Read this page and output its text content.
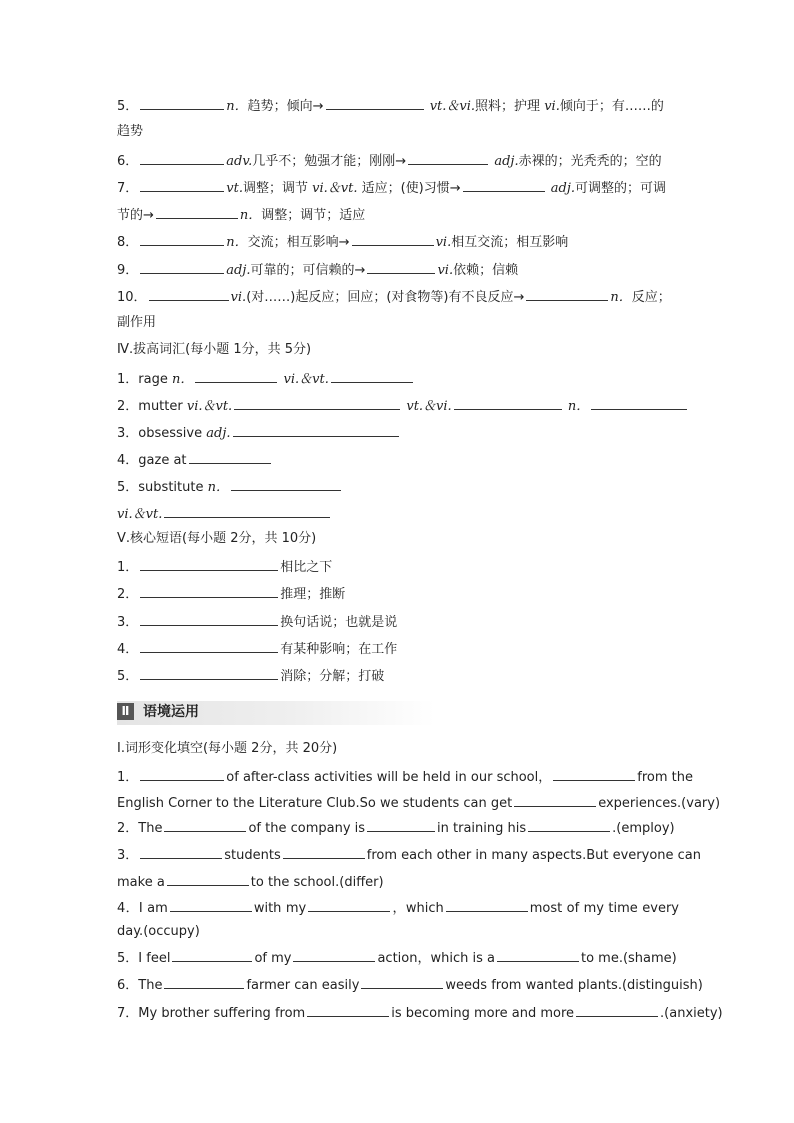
5．	n．趋势；倾向→	vt.＆vi.照料；护理 vi.倾向于；有……的
趋势
6．	adv.几乎不；勉强才能；刚刚→	adj.赤裸的；光秃秃的；空的
7．	vt.调整；调节 vi.＆vt. 适应；(使)习惯→	adj.可调整的；可调
节的→	n．调整；调节；适应
8．	n．交流；相互影响→	vi.相互交流；相互影响
9．	adj.可靠的；可信赖的→	vi.依赖；信赖
10．	vi.(对……)起反应；回应；(对食物等)有不良反应→	n．反应；
副作用
Ⅳ.拔高词汇(每小题 1分，共 5分)
1．rage n．	vi.＆vt.
2．mutter vi.＆vt.	vt.＆vi.	n．
3．obsessive adj.
4．gaze at
5．substitute n．
vi.＆vt.
Ⅴ.核心短语(每小题 2分，共 10分)
1．	相比之下
2．	推理；推断
3．	换句话说；也就是说
4．	有某种影响；在工作
5．	消除；分解；打破
Ⅱ 语境运用
Ⅰ.词形变化填空(每小题 2分，共 20分)
1．	of after-class activities will be held in our school，	from the
English Corner to the Literature Club.So we students can get	experiences.(vary)
2．The	of the company is	in training his	.(employ)
3．	students	from each other in many aspects.But everyone can
make a	to the school.(differ)
4．I am	with my	，which	most of my time every
day.(occupy)
5．I feel	of my	action，which is a	to me.(shame)
6．The	farmer can easily	weeds from wanted plants.(distinguish)
7．My brother suffering from	is becoming more and more	.(anxiety)
